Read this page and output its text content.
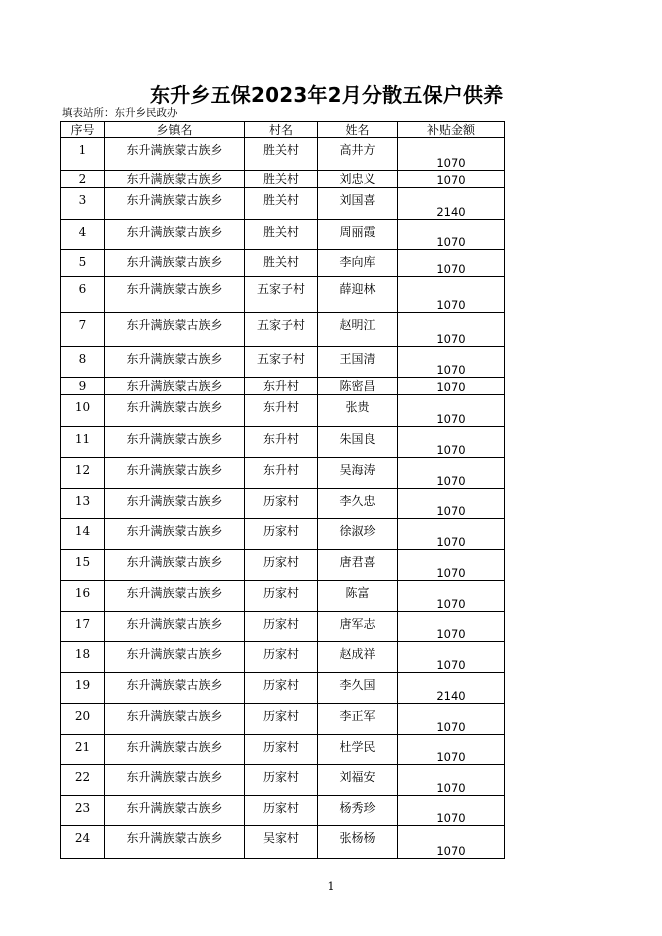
东升乡五保2023年2月分散五保户供养
填表站所：东升乡民政办
序号	乡镇名	村名	姓名	补贴金额

1	东升满族蒙古族乡	胜关村	高井方	1070

2	东升满族蒙古族乡	胜关村	刘忠义	1070

3	东升满族蒙古族乡	胜关村	刘国喜	2140

4	东升满族蒙古族乡	胜关村	周丽霞	1070

5	东升满族蒙古族乡	胜关村	李向库	1070

6	东升满族蒙古族乡	五家子村	薛迎林	1070

7	东升满族蒙古族乡	五家子村	赵明江	1070

8	东升满族蒙古族乡	五家子村	王国清	1070

9	东升满族蒙古族乡	东升村	陈密昌	1070

10	东升满族蒙古族乡	东升村	张贵	1070

11	东升满族蒙古族乡	东升村	朱国良	1070

12	东升满族蒙古族乡	东升村	吴海涛	1070

13	东升满族蒙古族乡	历家村	李久忠	1070

14	东升满族蒙古族乡	历家村	徐淑珍	1070

15	东升满族蒙古族乡	历家村	唐君喜	1070

16	东升满族蒙古族乡	历家村	陈富	1070

17	东升满族蒙古族乡	历家村	唐军志	1070

18	东升满族蒙古族乡	历家村	赵成祥	1070

19	东升满族蒙古族乡	历家村	李久国	2140

20	东升满族蒙古族乡	历家村	李正军	1070

21	东升满族蒙古族乡	历家村	杜学民	1070

22	东升满族蒙古族乡	历家村	刘福安	1070

23	东升满族蒙古族乡	历家村	杨秀珍	1070

24	东升满族蒙古族乡	吴家村	张杨杨	1070
1
